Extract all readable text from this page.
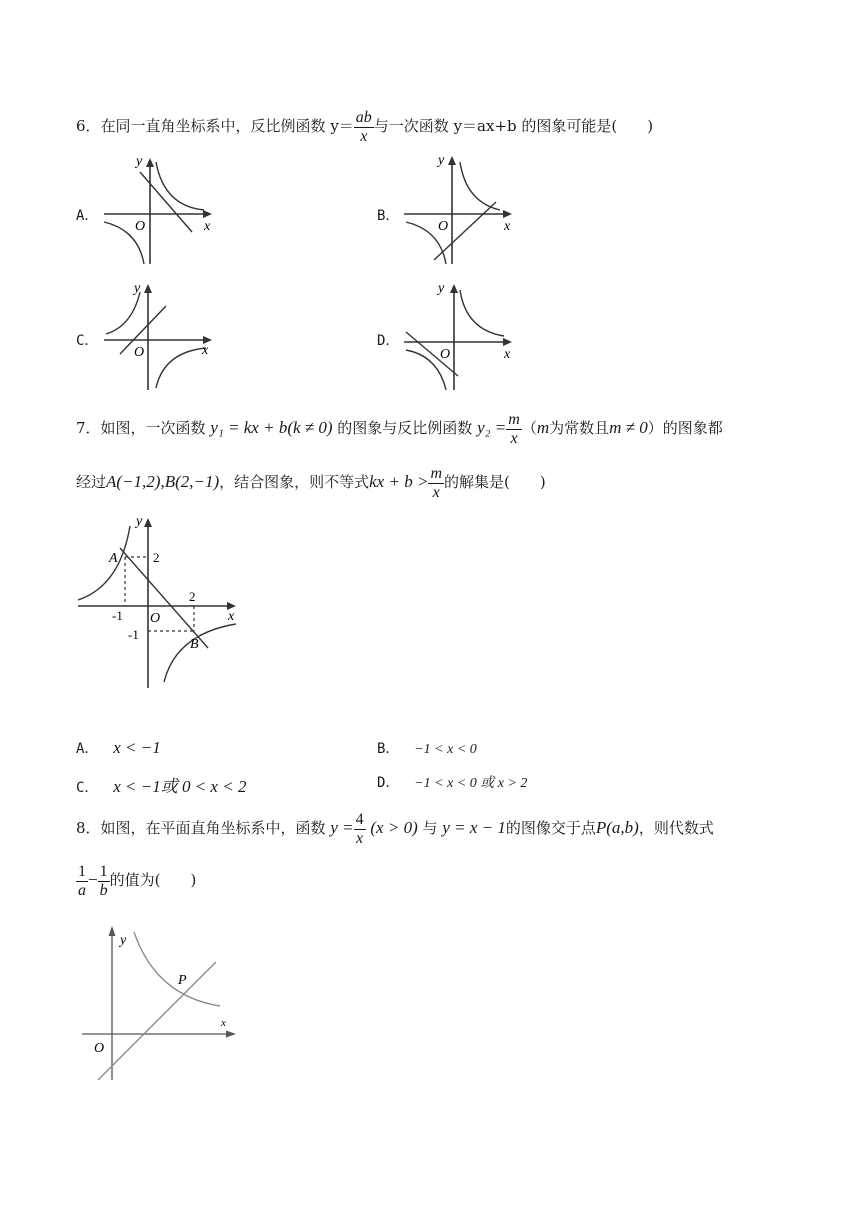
6．在同一直角坐标系中，反比例函数 $y= \frac{ab}{x}$ 与一次函数 y＝ax+b 的图象可能是(　　)
A．
y
x
O
B．
y
x
O
C．
y
x
O
D．
y
x
O
7．如图，一次函数 y₁ = kx + b(k ≠ 0) 的图象与反比例函数 $y_2 = \frac{m}{x} (m$为常数且m ≠ 0）的图象都
经过A(−1,2),B(2,−1)，结合图象，则不等式kx + $b > \frac{m}{x}$ 的解集是(　　)
y
x
O
A
B
2
-1
2
-1
A． x < −1	B． −1 < x < 0
C． x < −1或 0 < x < 2	D． −1 < x < 0 或 x > 2
8．如图，在平面直角坐标系中，函数 $y = \frac{4}{x} (x > 0)$ 与 y = x − 1的图像交于点P(a,b)，则代数式
$\frac{1}{a} - \frac{1}{b}$ 的值为(　　)
y
x
O
P
